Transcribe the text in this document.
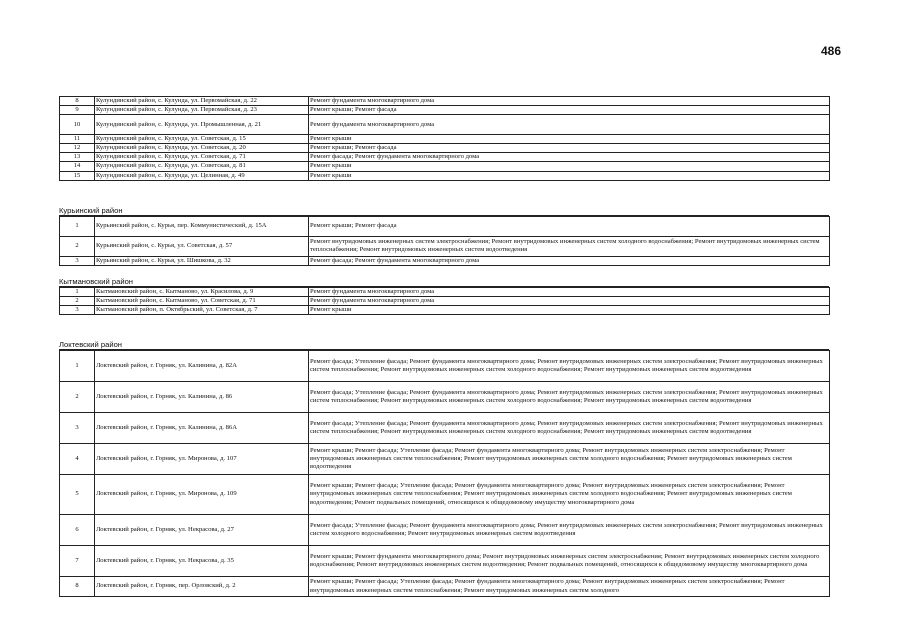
486
8	Кулундинский район, с. Кулунда, ул. Первомайская, д. 22	Ремонт фундамента многоквартирного дома
9	Кулундинский район, с. Кулунда, ул. Первомайская, д. 23	Ремонт крыши; Ремонт фасада
10	Кулундинский район, с. Кулунда, ул. Промышленная, д. 21	Ремонт фундамента многоквартирного дома
11	Кулундинский район, с. Кулунда, ул. Советская, д. 15	Ремонт крыши
12	Кулундинский район, с. Кулунда, ул. Советская, д. 20	Ремонт крыши; Ремонт фасада
13	Кулундинский район, с. Кулунда, ул. Советская, д. 71	Ремонт фасада; Ремонт фундамента многоквартирного дома
14	Кулундинский район, с. Кулунда, ул. Советская, д. 81	Ремонт крыши
15	Кулундинский район, с. Кулунда, ул. Целинная, д. 49	Ремонт крыши
Курьинский район
1	Курьинский район, с. Курья, пер. Коммунистический, д. 15А	Ремонт крыши; Ремонт фасада
2	Курьинский район, с. Курья, ул. Советская, д. 57	Ремонт внутридомовых инженерных систем электроснабжения; Ремонт внутридомовых инженерных систем холодного водоснабжения; Ремонт внутридомовых инженерных систем теплоснабжения; Ремонт внутридомовых инженерных систем водоотведения
3	Курьинский район, с. Курья, ул. Шишкова, д. 32	Ремонт фасада; Ремонт фундамента многоквартирного дома
Кытмановский район
1	Кытмановский район, с. Кытманово, ул. Красилова, д. 9	Ремонт фундамента многоквартирного дома
2	Кытмановский район, с. Кытманово, ул. Советская, д. 71	Ремонт фундамента многоквартирного дома
3	Кытмановский район, п. Октябрьский, ул. Советская, д. 7	Ремонт крыши
Локтевский район
1	Локтевский район, г. Горняк, ул. Калинина, д. 82А	Ремонт фасада; Утепление фасада; Ремонт фундамента многоквартирного дома; Ремонт внутридомовых инженерных систем электроснабжения; Ремонт внутридомовых инженерных систем теплоснабжения; Ремонт внутридомовых инженерных систем холодного водоснабжения; Ремонт внутридомовых инженерных систем водоотведения
2	Локтевский район, г. Горняк, ул. Калинина, д. 86	Ремонт фасада; Утепление фасада; Ремонт фундамента многоквартирного дома; Ремонт внутридомовых инженерных систем электроснабжения; Ремонт внутридомовых инженерных систем теплоснабжения; Ремонт внутридомовых инженерных систем холодного водоснабжения; Ремонт внутридомовых инженерных систем водоотведения
3	Локтевский район, г. Горняк, ул. Калинина, д. 86А	Ремонт фасада; Утепление фасада; Ремонт фундамента многоквартирного дома; Ремонт внутридомовых инженерных систем электроснабжения; Ремонт внутридомовых инженерных систем теплоснабжения; Ремонт внутридомовых инженерных систем холодного водоснабжения; Ремонт внутридомовых инженерных систем водоотведения
4	Локтевский район, г. Горняк, ул. Миронова, д. 107	Ремонт крыши; Ремонт фасада; Утепление фасада; Ремонт фундамента многоквартирного дома; Ремонт внутридомовых инженерных систем электроснабжения; Ремонт внутридомовых инженерных систем теплоснабжения; Ремонт внутридомовых инженерных систем холодного водоснабжения; Ремонт внутридомовых инженерных систем водоотведения
5	Локтевский район, г. Горняк, ул. Миронова, д. 109	Ремонт крыши; Ремонт фасада; Утепление фасада; Ремонт фундамента многоквартирного дома; Ремонт внутридомовых инженерных систем электроснабжения; Ремонт внутридомовых инженерных систем теплоснабжения; Ремонт внутридомовых инженерных систем холодного водоснабжения; Ремонт внутридомовых инженерных систем водоотведения; Ремонт подвальных помещений, относящихся к общедомовому имуществу многоквартирного дома
6	Локтевский район, г. Горняк, ул. Некрасова, д. 27	Ремонт фасада; Утепление фасада; Ремонт фундамента многоквартирного дома; Ремонт внутридомовых инженерных систем электроснабжения; Ремонт внутридомовых инженерных систем холодного водоснабжения; Ремонт внутридомовых инженерных систем водоотведения
7	Локтевский район, г. Горняк, ул. Некрасова, д. 35	Ремонт крыши; Ремонт фундамента многоквартирного дома; Ремонт внутридомовых инженерных систем электроснабжения; Ремонт внутридомовых инженерных систем холодного водоснабжения; Ремонт внутридомовых инженерных систем водоотведения; Ремонт подвальных помещений, относящихся к общедомовому имуществу многоквартирного дома
8	Локтевский район, г. Горняк, пер. Орловский, д. 2	Ремонт крыши; Ремонт фасада; Утепление фасада; Ремонт фундамента многоквартирного дома; Ремонт внутридомовых инженерных систем электроснабжения; Ремонт внутридомовых инженерных систем теплоснабжения; Ремонт внутридомовых инженерных систем холодного
